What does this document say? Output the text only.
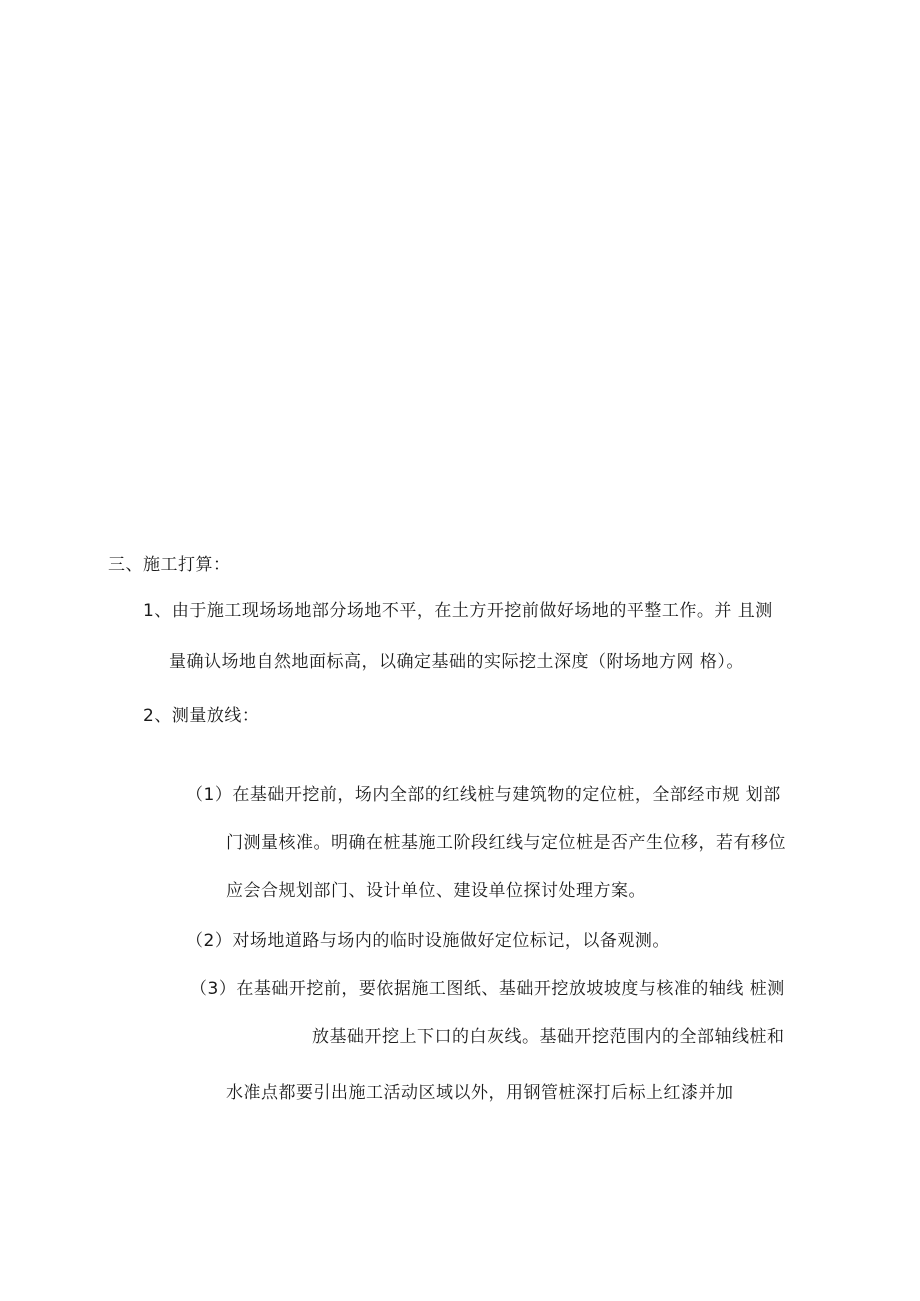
三、施工打算：
1、由于施工现场场地部分场地不平，在土方开挖前做好场地的平整工作。并 且测
量确认场地自然地面标高，以确定基础的实际挖土深度（附场地方网 格）。
2、测量放线：
（1）在基础开挖前，场内全部的红线桩与建筑物的定位桩，全部经市规 划部
门测量核准。明确在桩基施工阶段红线与定位桩是否产生位移，若有移位
应会合规划部门、设计单位、建设单位探讨处理方案。
（2）对场地道路与场内的临时设施做好定位标记，以备观测。
（3）在基础开挖前，要依据施工图纸、基础开挖放坡坡度与核准的轴线 桩测
放基础开挖上下口的白灰线。基础开挖范围内的全部轴线桩和
水准点都要引出施工活动区域以外，用钢管桩深打后标上红漆并加
